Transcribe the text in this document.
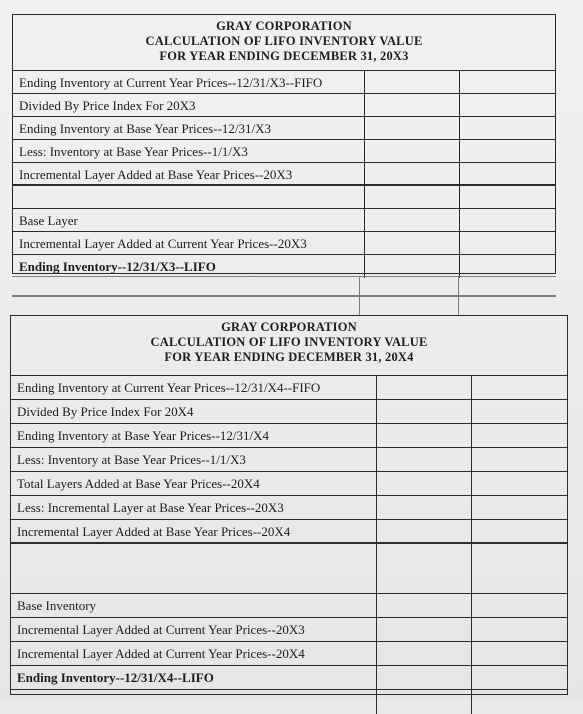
GRAY CORPORATION
CALCULATION OF LIFO INVENTORY VALUE
FOR YEAR ENDING DECEMBER 31, 20X3
Ending Inventory at Current Year Prices--12/31/X3--FIFO
Divided By Price Index For 20X3
Ending Inventory at Base Year Prices--12/31/X3
Less: Inventory at Base Year Prices--1/1/X3
Incremental Layer Added at Base Year Prices--20X3
Base Layer
Incremental Layer Added at Current Year Prices--20X3
Ending Inventory--12/31/X3--LIFO
GRAY CORPORATION
CALCULATION OF LIFO INVENTORY VALUE
FOR YEAR ENDING DECEMBER 31, 20X4
Ending Inventory at Current Year Prices--12/31/X4--FIFO
Divided By Price Index For 20X4
Ending Inventory at Base Year Prices--12/31/X4
Less: Inventory at Base Year Prices--1/1/X3
Total Layers Added at Base Year Prices--20X4
Less: Incremental Layer at Base Year Prices--20X3
Incremental Layer Added at Base Year Prices--20X4
Base Inventory
Incremental Layer Added at Current Year Prices--20X3
Incremental Layer Added at Current Year Prices--20X4
Ending Inventory--12/31/X4--LIFO
